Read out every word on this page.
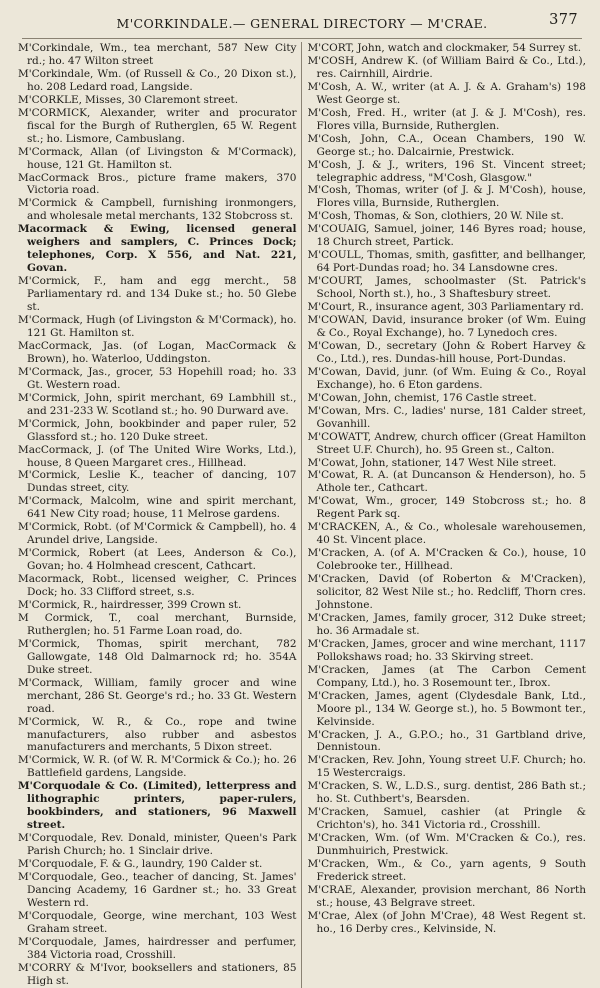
M'CORKINDALE.— GENERAL DIRECTORY — M'CRAE.	377

M'Corkindale, Wm., tea merchant, 587 New City rd.; ho. 47 Wilton street

M'Corkindale, Wm. (of Russell & Co., 20 Dixon st.), ho. 208 Ledard road, Langside.

M'CORKLE, Misses, 30 Claremont street.

M'CORMICK, Alexander, writer and procurator fiscal for the Burgh of Rutherglen, 65 W. Regent st.; ho. Lismore, Cambuslang.

M'Cormack, Allan (of Livingston & M'Cormack), house, 121 Gt. Hamilton st.

MacCormack Bros., picture frame makers, 370 Victoria road.

M'Cormick & Campbell, furnishing ironmongers, and wholesale metal merchants, 132 Stobcross st.

Macormack & Ewing, licensed general weighers and samplers, C. Princes Dock; telephones, Corp. X 556, and Nat. 221, Govan.

M'Cormick, F., ham and egg mercht., 58 Parliamentary rd. and 134 Duke st.; ho. 50 Glebe st.

M'Cormack, Hugh (of Livingston & M'Cormack), ho. 121 Gt. Hamilton st.

MacCormack, Jas. (of Logan, MacCormack & Brown), ho. Waterloo, Uddingston.

M'Cormack, Jas., grocer, 53 Hopehill road; ho. 33 Gt. Western road.

M'Cormick, John, spirit merchant, 69 Lambhill st., and 231-233 W. Scotland st.; ho. 90 Durward ave.

M'Cormick, John, bookbinder and paper ruler, 52 Glassford st.; ho. 120 Duke street.

MacCormack, J. (of The United Wire Works, Ltd.), house, 8 Queen Margaret cres., Hillhead.

M'Cormick, Leslie K., teacher of dancing, 107 Dundas street, city.

M'Cormack, Malcolm, wine and spirit merchant, 641 New City road; house, 11 Melrose gardens.

M'Cormick, Robt. (of M'Cormick & Campbell), ho. 4 Arundel drive, Langside.

M'Cormick, Robert (at Lees, Anderson & Co.), Govan; ho. 4 Holmhead crescent, Cathcart.

Macormack, Robt., licensed weigher, C. Princes Dock; ho. 33 Clifford street, s.s.

M'Cormick, R., hairdresser, 399 Crown st.

M Cormick, T., coal merchant, Burnside, Rutherglen; ho. 51 Farme Loan road, do.

M'Cormick, Thomas, spirit merchant, 782 Gallowgate, 148 Old Dalmarnock rd; ho. 354A Duke street.

M'Cormack, William, family grocer and wine merchant, 286 St. George's rd.; ho. 33 Gt. Western road.

M'Cormick, W. R., & Co., rope and twine manufacturers, also rubber and asbestos manufacturers and merchants, 5 Dixon street.

M'Cormick, W. R. (of W. R. M'Cormick & Co.); ho. 26 Battlefield gardens, Langside.

M'Corquodale & Co. (Limited), letterpress and lithographic printers, paper-rulers, bookbinders, and stationers, 96 Maxwell street.

M'Corquodale, Rev. Donald, minister, Queen's Park Parish Church; ho. 1 Sinclair drive.

M'Corquodale, F. & G., laundry, 190 Calder st.

M'Corquodale, Geo., teacher of dancing, St. James' Dancing Academy, 16 Gardner st.; ho. 33 Great Western rd.

M'Corquodale, George, wine merchant, 103 West Graham street.

M'Corquodale, James, hairdresser and perfumer, 384 Victoria road, Crosshill.

M'CORRY & M'Ivor, booksellers and stationers, 85 High st.

M'CORT, John, watch and clockmaker, 54 Surrey st.

M'COSH, Andrew K. (of William Baird & Co., Ltd.), res. Cairnhill, Airdrie.

M'Cosh, A. W., writer (at A. J. & A. Graham's) 198 West George st.

M'Cosh, Fred. H., writer (at J. & J. M'Cosh), res. Flores villa, Burnside, Rutherglen.

M'Cosh, John, C.A., Ocean Chambers, 190 W. George st.; ho. Dalcairnie, Prestwick.

M'Cosh, J. & J., writers, 196 St. Vincent street; telegraphic address, "M'Cosh, Glasgow."

M'Cosh, Thomas, writer (of J. & J. M'Cosh), house, Flores villa, Burnside, Rutherglen.

M'Cosh, Thomas, & Son, clothiers, 20 W. Nile st.

M'COUAIG, Samuel, joiner, 146 Byres road; house, 18 Church street, Partick.

M'COULL, Thomas, smith, gasfitter, and bellhanger, 64 Port-Dundas road; ho. 34 Lansdowne cres.

M'COURT, James, schoolmaster (St. Patrick's School, North st.), ho., 3 Shaftesbury street.

M'Court, R., insurance agent, 303 Parliamentary rd.

M'COWAN, David, insurance broker (of Wm. Euing & Co., Royal Exchange), ho. 7 Lynedoch cres.

M'Cowan, D., secretary (John & Robert Harvey & Co., Ltd.), res. Dundas-hill house, Port-Dundas.

M'Cowan, David, junr. (of Wm. Euing & Co., Royal Exchange), ho. 6 Eton gardens.

M'Cowan, John, chemist, 176 Castle street.

M'Cowan, Mrs. C., ladies' nurse, 181 Calder street, Govanhill.

M'COWATT, Andrew, church officer (Great Hamilton Street U.F. Church), ho. 95 Green st., Calton.

M'Cowat, John, stationer, 147 West Nile street.

M'Cowat, R. A. (at Duncanson & Henderson), ho. 5 Athole ter., Cathcart.

M'Cowat, Wm., grocer, 149 Stobcross st.; ho. 8 Regent Park sq.

M'CRACKEN, A., & Co., wholesale warehousemen, 40 St. Vincent place.

M'Cracken, A. (of A. M'Cracken & Co.), house, 10 Colebrooke ter., Hillhead.

M'Cracken, David (of Roberton & M'Cracken), solicitor, 82 West Nile st.; ho. Redcliff, Thorn cres. Johnstone.

M'Cracken, James, family grocer, 312 Duke street; ho. 36 Armadale st.

M'Cracken, James, grocer and wine merchant, 1117 Pollokshaws road; ho. 33 Skirving street.

M'Cracken, James (at The Carbon Cement Company, Ltd.), ho. 3 Rosemount ter., Ibrox.

M'Cracken, James, agent (Clydesdale Bank, Ltd., Moore pl., 134 W. George st.), ho. 5 Bowmont ter., Kelvinside.

M'Cracken, J. A., G.P.O.; ho., 31 Gartbland drive, Dennistoun.

M'Cracken, Rev. John, Young street U.F. Church; ho. 15 Westercraigs.

M'Cracken, S. W., L.D.S., surg. dentist, 286 Bath st.; ho. St. Cuthbert's, Bearsden.

M'Cracken, Samuel, cashier (at Pringle & Crichton's), ho. 341 Victoria rd., Crosshill.

M'Cracken, Wm. (of Wm. M'Cracken & Co.), res. Dunmhuirich, Prestwick.

M'Cracken, Wm., & Co., yarn agents, 9 South Frederick street.

M'CRAE, Alexander, provision merchant, 86 North st.; house, 43 Belgrave street.

M'Crae, Alex (of John M'Crae), 48 West Regent st. ho., 16 Derby cres., Kelvinside, N.
